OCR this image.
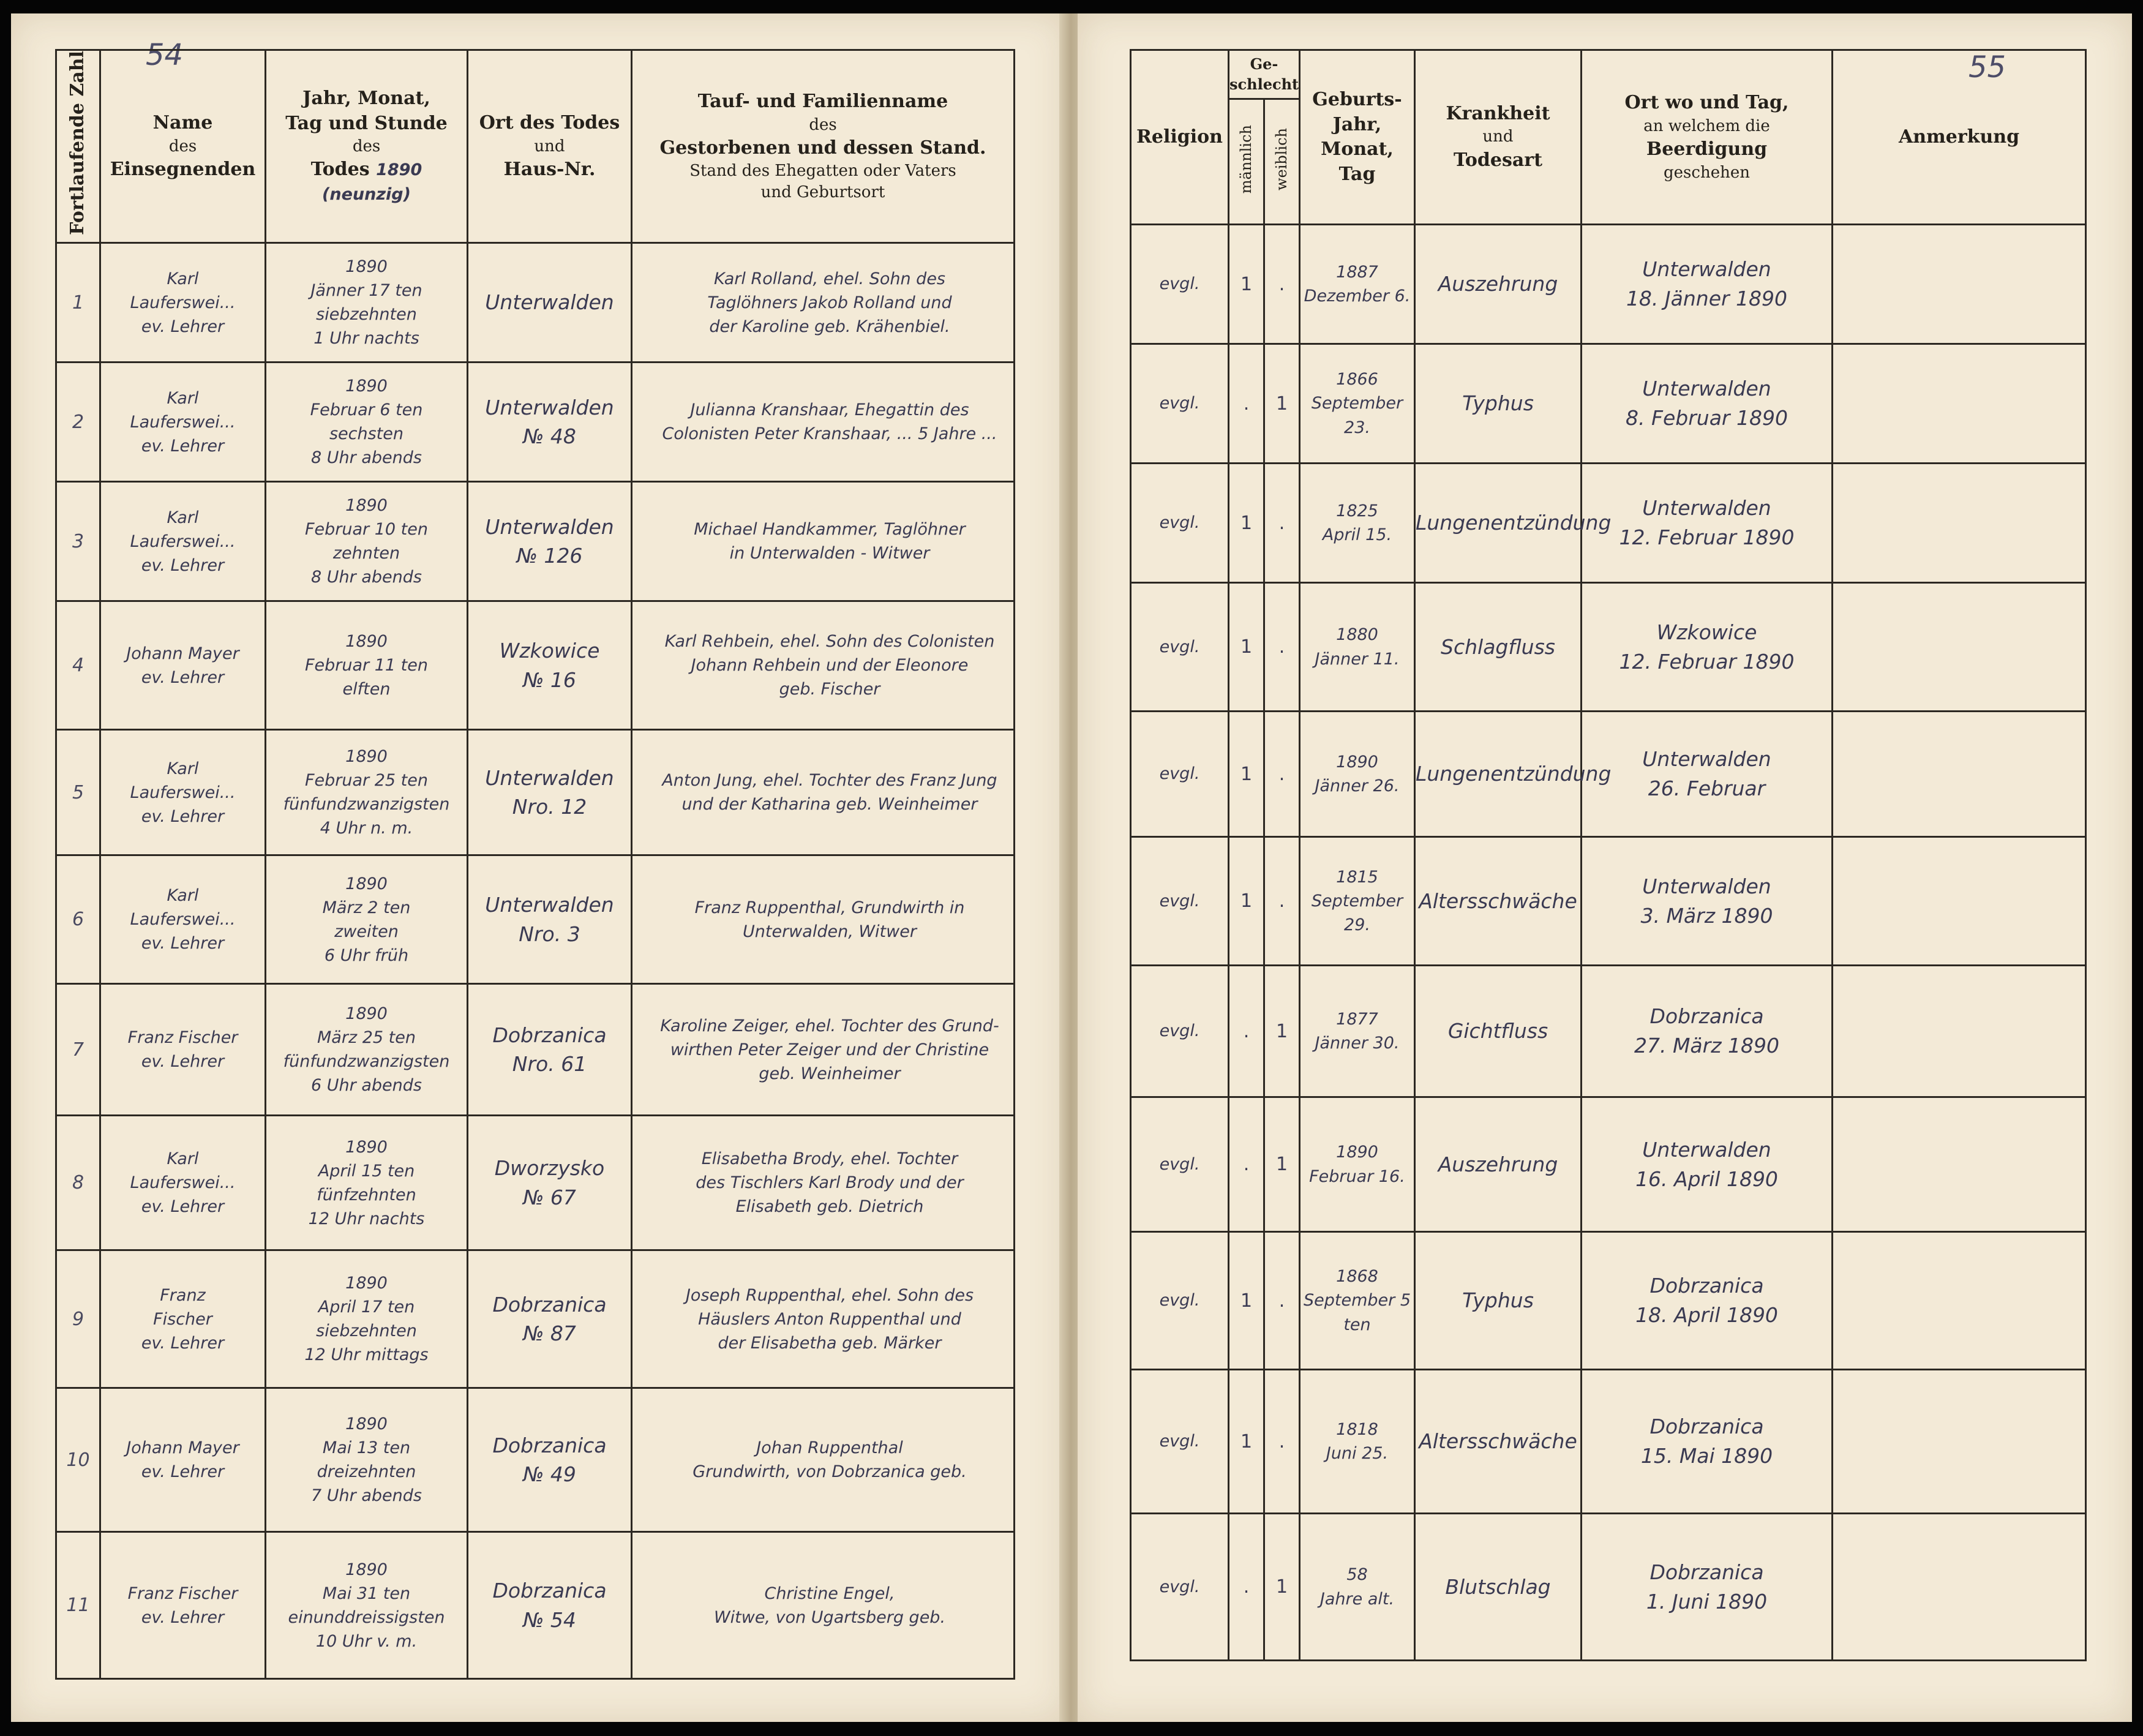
54	55
Fortlaufende Zahl	Name
des
Einsegnenden	Jahr, Monat,
Tag und Stunde
des
Todes 1890
(neunzig)	Ort des Todes
und
Haus-Nr.	Tauf- und Familienname
des
Gestorbenen und dessen Stand.
Stand des Ehegatten oder Vaters
und Geburtsort

1	Karl
Lauferswei...
ev. Lehrer	1890
Jänner 17 ten
siebzehnten
1 Uhr nachts	Unterwalden	Karl Rolland, ehel. Sohn des
Taglöhners Jakob Rolland und
der Karoline geb. Krähenbiel.

2	Karl
Lauferswei...
ev. Lehrer	1890
Februar 6 ten
sechsten
8 Uhr abends	Unterwalden
№ 48	Julianna Kranshaar, Ehegattin des
Colonisten Peter Kranshaar, ... 5 Jahre ...

3	Karl
Lauferswei...
ev. Lehrer	1890
Februar 10 ten
zehnten
8 Uhr abends	Unterwalden
№ 126	Michael Handkammer, Taglöhner
in Unterwalden - Witwer

4	Johann Mayer
ev. Lehrer	1890
Februar 11 ten
elften	Wzkowice
№ 16	Karl Rehbein, ehel. Sohn des Colonisten
Johann Rehbein und der Eleonore
geb. Fischer

5	Karl
Lauferswei...
ev. Lehrer	1890
Februar 25 ten
fünfundzwanzigsten
4 Uhr n. m.	Unterwalden
Nro. 12	Anton Jung, ehel. Tochter des Franz Jung
und der Katharina geb. Weinheimer

6	Karl
Lauferswei...
ev. Lehrer	1890
März 2 ten
zweiten
6 Uhr früh	Unterwalden
Nro. 3	Franz Ruppenthal, Grundwirth in
Unterwalden, Witwer

7	Franz Fischer
ev. Lehrer	1890
März 25 ten
fünfundzwanzigsten
6 Uhr abends	Dobrzanica
Nro. 61	Karoline Zeiger, ehel. Tochter des Grund-
wirthen Peter Zeiger und der Christine
geb. Weinheimer

8	Karl
Lauferswei...
ev. Lehrer	1890
April 15 ten
fünfzehnten
12 Uhr nachts	Dworzysko
№ 67	Elisabetha Brody, ehel. Tochter
des Tischlers Karl Brody und der
Elisabeth geb. Dietrich

9	Franz
Fischer
ev. Lehrer	1890
April 17 ten
siebzehnten
12 Uhr mittags	Dobrzanica
№ 87	Joseph Ruppenthal, ehel. Sohn des
Häuslers Anton Ruppenthal und
der Elisabetha geb. Märker

10	Johann Mayer
ev. Lehrer	1890
Mai 13 ten
dreizehnten
7 Uhr abends	Dobrzanica
№ 49	Johan Ruppenthal
Grundwirth, von Dobrzanica geb.

11	Franz Fischer
ev. Lehrer	1890
Mai 31 ten
einunddreissigsten
10 Uhr v. m.	Dobrzanica
№ 54	Christine Engel,
Witwe, von Ugartsberg geb.
Religion	Ge-schlecht		Geburts-
Jahr, Monat,
Tag	Krankheit
und
Todesart	Ort wo und Tag,
an welchem die
Beerdigung
geschehen	Anmerkung
	männlich	weiblich				
evgl.	1	.	1887
Dezember 6.	Auszehrung	Unterwalden
18. Jänner 1890	

evgl.	.	1	1866
September 23.	Typhus	Unterwalden
8. Februar 1890	

evgl.	1	.	1825
April 15.	Lungenentzündung	Unterwalden
12. Februar 1890	

evgl.	1	.	1880
Jänner 11.	Schlagfluss	Wzkowice
12. Februar 1890	

evgl.	1	.	1890
Jänner 26.	Lungenentzündung	Unterwalden
26. Februar	

evgl.	1	.	1815
September 29.	Altersschwäche	Unterwalden
3. März 1890	

evgl.	.	1	1877
Jänner 30.	Gichtfluss	Dobrzanica
27. März 1890	

evgl.	.	1	1890
Februar 16.	Auszehrung	Unterwalden
16. April 1890	

evgl.	1	.	1868
September 5 ten	Typhus	Dobrzanica
18. April 1890	

evgl.	1	.	1818
Juni 25.	Altersschwäche	Dobrzanica
15. Mai 1890	

evgl.	.	1	58
Jahre alt.	Blutschlag	Dobrzanica
1. Juni 1890	
